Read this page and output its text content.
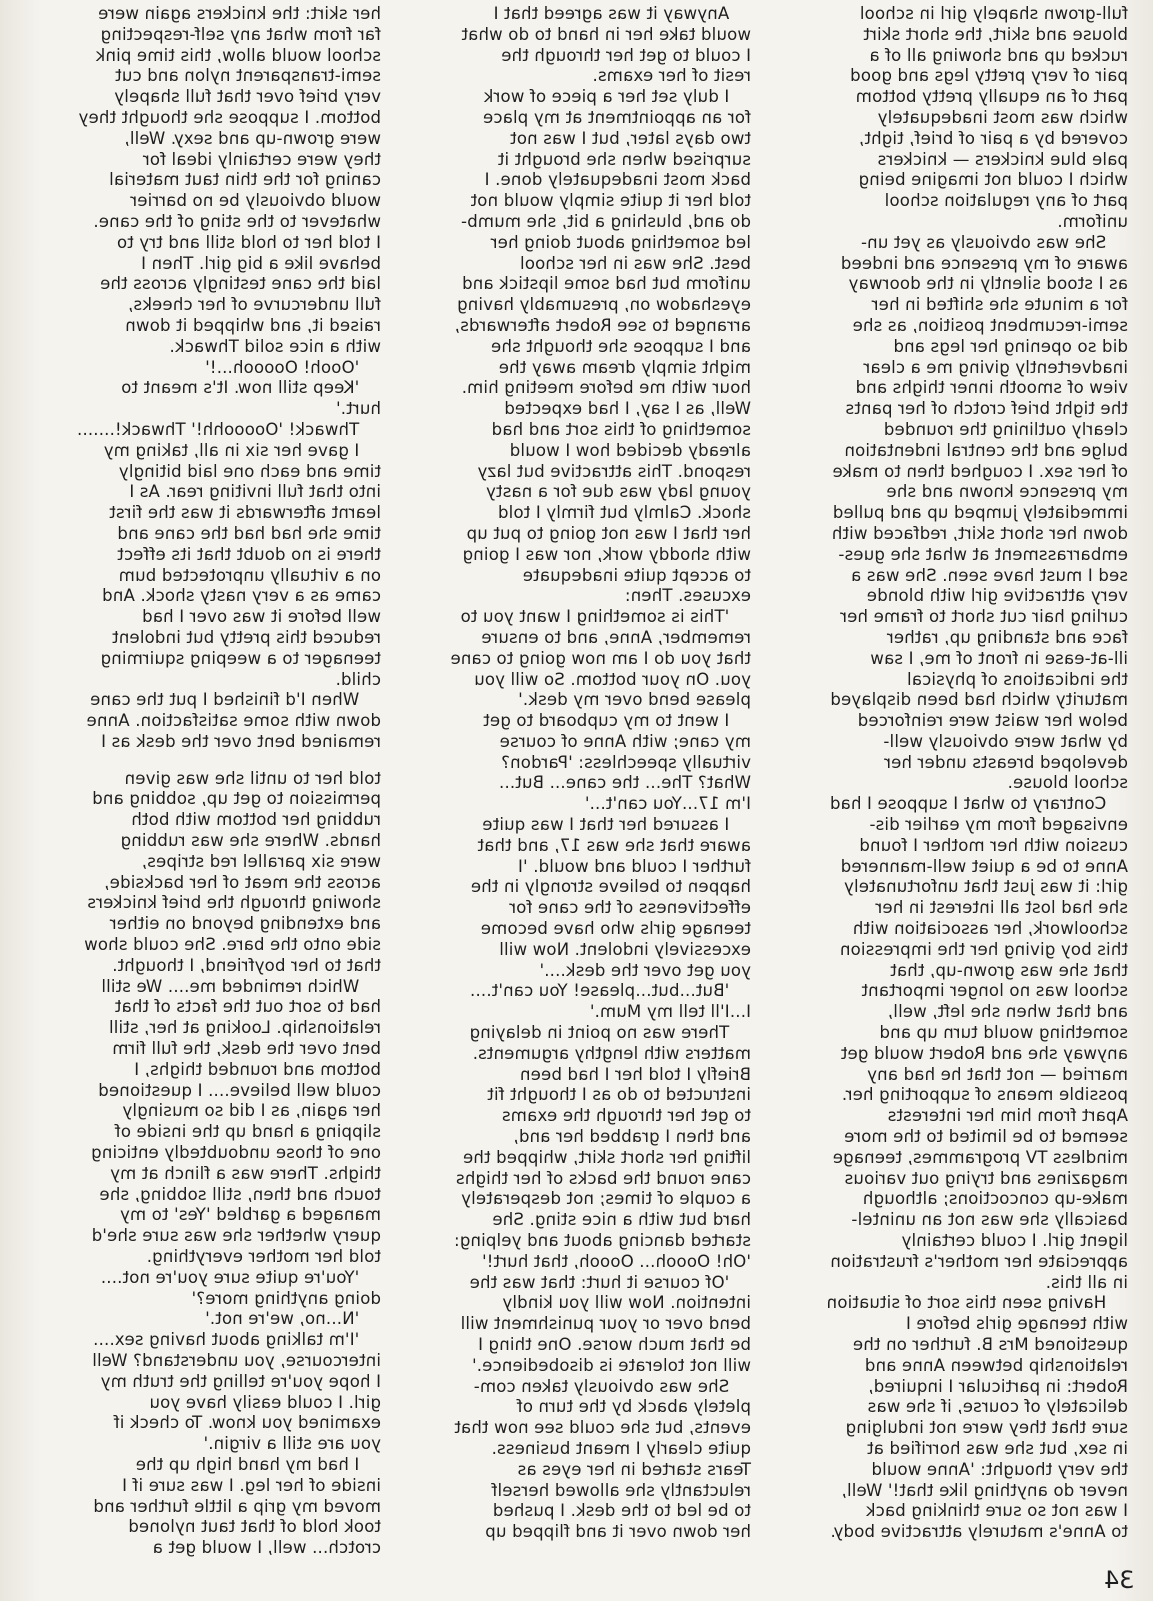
full-grown shapely girl in school
blouse and skirt, the short skirt
rucked up and showing all of a
pair of very pretty legs and good
part of an equally pretty bottom
which was most inadequately
covered by a pair of brief, tight,
pale blue knickers — knickers
which I could not imagine being
part of any regulation school
uniform.
She was obviously as yet un-
aware of my presence and indeed
as I stood silently in the doorway
for a minute she shifted in her
semi-recumbent position, as she
did so opening her legs and
inadvertently giving me a clear
view of smooth inner thighs and
the tight brief crotch of her pants
clearly outlining the rounded
bulge and the central indentation
of her sex. I coughed then to make
my presence known and she
immediately jumped up and pulled
down her short skirt, redfaced with
embarrassment at what she gues-
sed I must have seen. She was a
very attractive girl with blonde
curling hair cut short to frame her
face and standing up, rather
ill-at-ease in front of me, I saw
the indications of physical
maturity which had been displayed
below her waist were reinforced
by what were obviously well-
developed breasts under her
school blouse.
Contrary to what I suppose I had
envisaged from my earlier dis-
cussion with her mother I found
Anne to be a quiet well-mannered
girl: it was just that unfortunately
she had lost all interest in her
schoolwork, her association with
this boy giving her the impression
that she was grown-up, that
school was no longer important
and that when she left, well,
something would turn up and
anyway she and Robert would get
married — not that he had any
possible means of supporting her.
Apart from him her interests
seemed to be limited to the more
mindless TV programmes, teenage
magazines and trying out various
make-up concoctions; although
basically she was not an unintel-
ligent girl. I could certainly
appreciate her mother's frustration
in all this.
Having seen this sort of situation
with teenage girls before I
questioned Mrs B. further on the
relationship between Anne and
Robert: in particular I inquired,
delicately of course, if she was
sure that they were not indulging
in sex, but she was horrified at
the very thought: 'Anne would
never do anything like that!' Well,
I was not so sure thinking back
to Anne's maturely attractive body.
Anyway it was agreed that I
would take her in hand to do what
I could to get her through the
resit of her exams.
I duly set her a piece of work
for an appointment at my place
two days later, but I was not
surprised when she brought it
back most inadequately done. I
told her it quite simply would not
do and, blushing a bit, she mumb-
led something about doing her
best. She was in her school
uniform but had some lipstick and
eyeshadow on, presumably having
arranged to see Robert afterwards,
and I suppose she thought she
might simply dream away the
hour with me before meeting him.
Well, as I say, I had expected
something of this sort and had
already decided how I would
respond. This attractive but lazy
young lady was due for a nasty
shock. Calmly but firmly I told
her that I was not going to put up
with shoddy work, nor was I going
to accept quite inadequate
excuses. Then:
'This is something I want you to
remember, Anne, and to ensure
that you do I am now going to cane
you. On your bottom. So will you
please bend over my desk.'
I went to my cupboard to get
my cane; with Anne of course
virtually speechless: 'Pardon?
What? The... the cane... But...
I'm 17...You can't...'
I assured her that I was quite
aware that she was 17, and that
further I could and would. 'I
happen to believe strongly in the
effectiveness of the cane for
teenage girls who have become
excessively indolent. Now will
you get over the desk....'
'But...but...please! You can't....
I...I'll tell my Mum.'
There was no point in delaying
matters with lengthy arguments.
Briefly I told her I had been
instructed to do as I thought fit
to get her through the exams
and then I grabbed her and,
lifting her short skirt, whipped the
cane round the backs of her thighs
a couple of times; not desperately
hard but with a nice sting. She
started dancing about and yelping:
'Oh! Ooooh... Ooooh, that hurt!'
'Of course it hurt: that was the
intention. Now will you kindly
bend over or your punishment will
be that much worse. One thing I
will not tolerate is disobedience.'
She was obviously taken com-
pletely aback by the turn of
events, but she could see now that
quite clearly I meant business.
Tears started in her eyes as
reluctantly she allowed herself
to be led to the desk. I pushed
her down over it and flipped up
her skirt: the knickers again were
far from what any self-respecting
school would allow, this time pink
semi-transparent nylon and cut
very brief over that full shapely
bottom. I suppose she thought they
were grown-up and sexy. Well,
they were certainly ideal for
caning for the thin taut material
would obviously be no barrier
whatever to the sting of the cane.
I told her to hold still and try to
behave like a big girl. Then I
laid the cane testingly across the
full undercurve of her cheeks,
raised it, and whipped it down
with a nice solid Thwack.
'Oooh! Oooooh...!'
'Keep still now. It's meant to
hurt.'
Thwack! 'Ooooohh!' Thwack!.......
I gave her six in all, taking my
time and each one laid bitingly
into that full inviting rear. As I
learnt afterwards it was the first
time she had had the cane and
there is no doubt that its effect
on a virtually unprotected bum
came as a very nasty shock. And
well before it was over I had
reduced this pretty but indolent
teenager to a weeping squirming
child.
When I'd finished I put the cane
down with some satisfaction. Anne
remained bent over the desk as I
told her to until she was given
permission to get up, sobbing and
rubbing her bottom with both
hands. Where she was rubbing
were six parallel red stripes,
across the meat of her backside,
showing through the brief knickers
and extending beyond on either
side onto the bare. She could show
that to her boyfriend, I thought.
Which reminded me.... We still
had to sort out the facts of that
relationship. Looking at her, still
bent over the desk, the full firm
bottom and rounded thighs, I
could well believe.... I questioned
her again, as I did so musingly
slipping a hand up the inside of
one of those undoubtedly enticing
thighs. There was a flinch at my
touch and then, still sobbing, she
managed a garbled 'Yes' to my
query whether she was sure she'd
told her mother everything.
'You're quite sure you're not....
doing anything more?'
'N...no, we're not.'
'I'm talking about having sex....
intercourse, you understand? Well
I hope you're telling the truth my
girl. I could easily have you
examined you know. To check if
you are still a virgin.'
I had my hand high up the
inside of her leg. I was sure if I
moved my grip a little further and
took hold of that taut nyloned
crotch... well, I would get a
34
